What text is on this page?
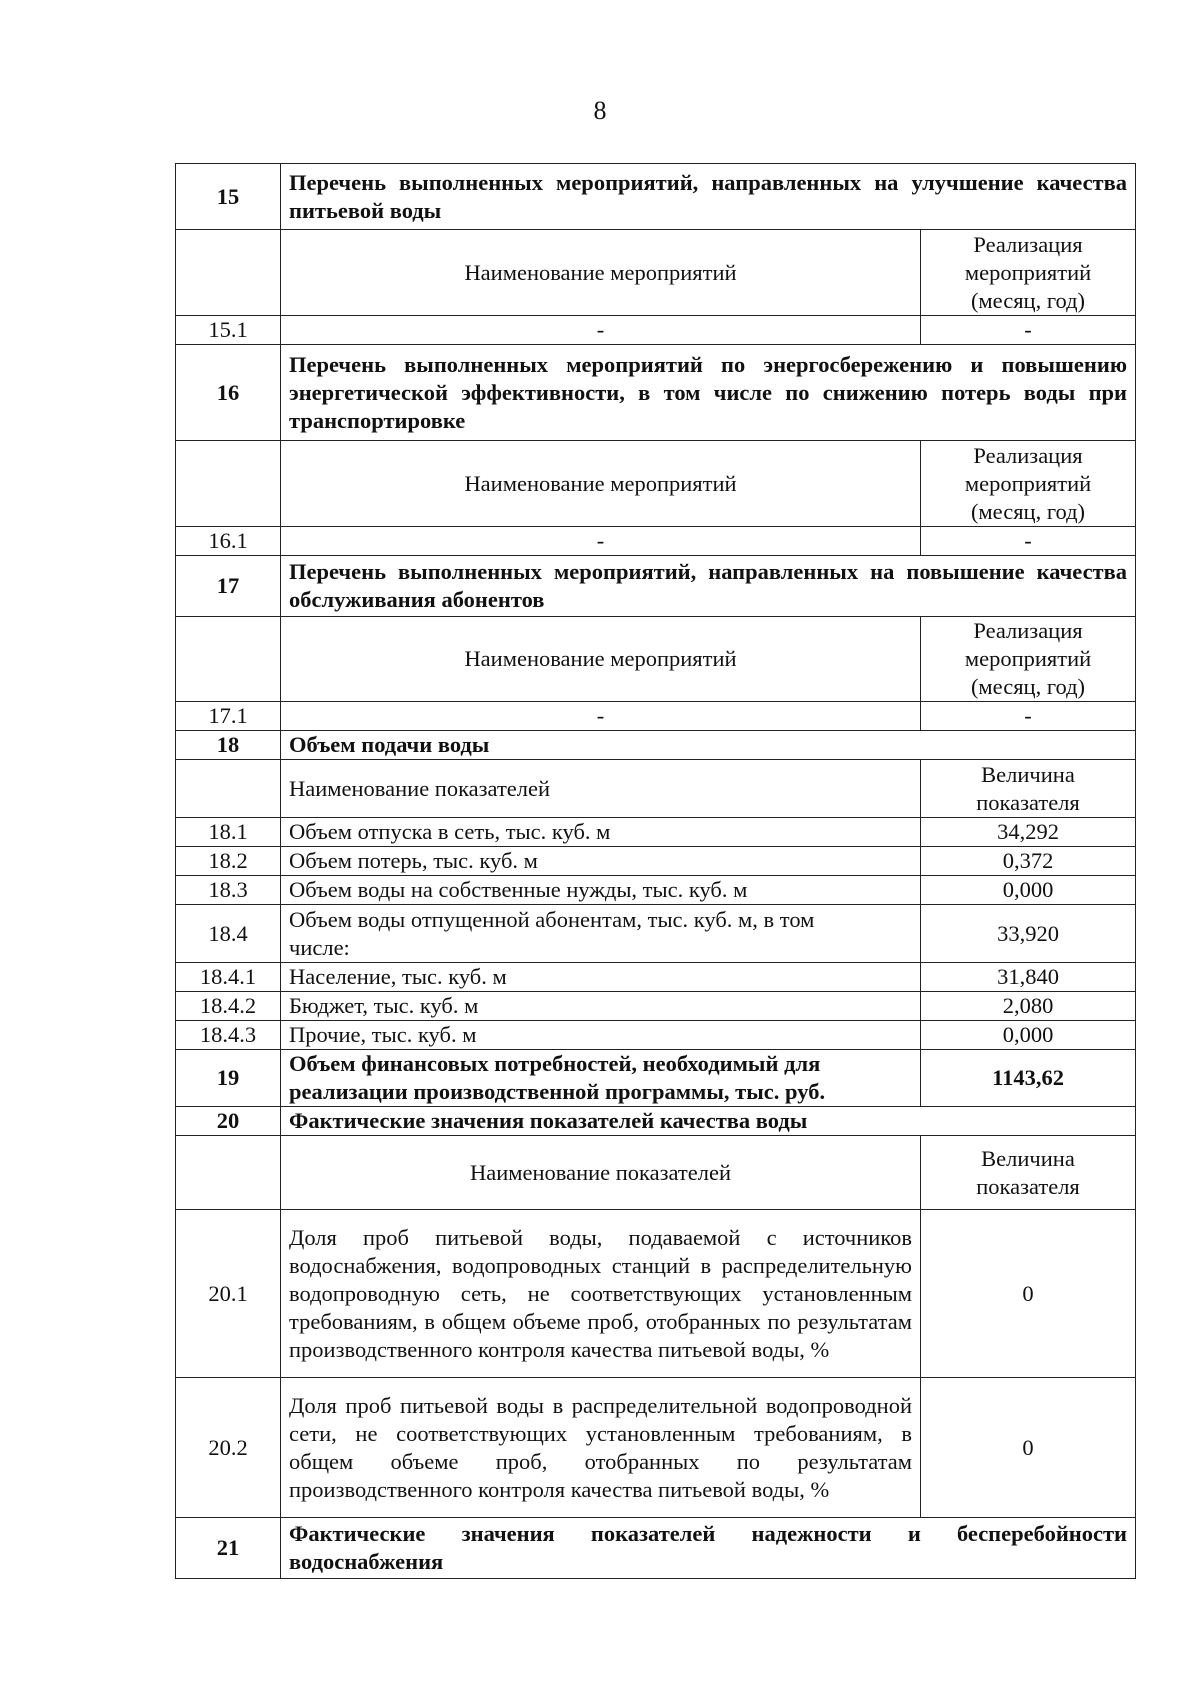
8
15	Перечень выполненных мероприятий, направленных на улучшение качества питьевой воды	
	Наименование мероприятий	Реализация мероприятий (месяц, год)
15.1	-	-
16	Перечень выполненных мероприятий по энергосбережению и повышению энергетической эффективности, в том числе по снижению потерь воды при транспортировке	
	Наименование мероприятий	Реализация мероприятий (месяц, год)
16.1	-	-
17	Перечень выполненных мероприятий, направленных на повышение качества обслуживания абонентов	
	Наименование мероприятий	Реализация мероприятий (месяц, год)
17.1	-	-
18	Объем подачи воды	
	Наименование показателей	Величина показателя
18.1	Объем отпуска в сеть, тыс. куб. м	34,292
18.2	Объем потерь, тыс. куб. м	0,372
18.3	Объем воды на собственные нужды, тыс. куб. м	0,000
18.4	Объем воды отпущенной абонентам, тыс. куб. м, в том числе:	33,920
18.4.1	Население, тыс. куб. м	31,840
18.4.2	Бюджет, тыс. куб. м	2,080
18.4.3	Прочие, тыс. куб. м	0,000
19	Объем финансовых потребностей, необходимый для реализации производственной программы, тыс. руб.	1143,62
20	Фактические значения показателей качества воды	
	Наименование показателей	Величина показателя
20.1	Доля проб питьевой воды, подаваемой с источников водоснабжения, водопроводных станций в распределительную водопроводную сеть, не соответствующих установленным требованиям, в общем объеме проб, отобранных по результатам производственного контроля качества питьевой воды, %	0
20.2	Доля проб питьевой воды в распределительной водопроводной сети, не соответствующих установленным требованиям, в общем объеме проб, отобранных по результатам производственного контроля качества питьевой воды, %	0
21	Фактические значения показателей надежности и бесперебойности водоснабжения	
